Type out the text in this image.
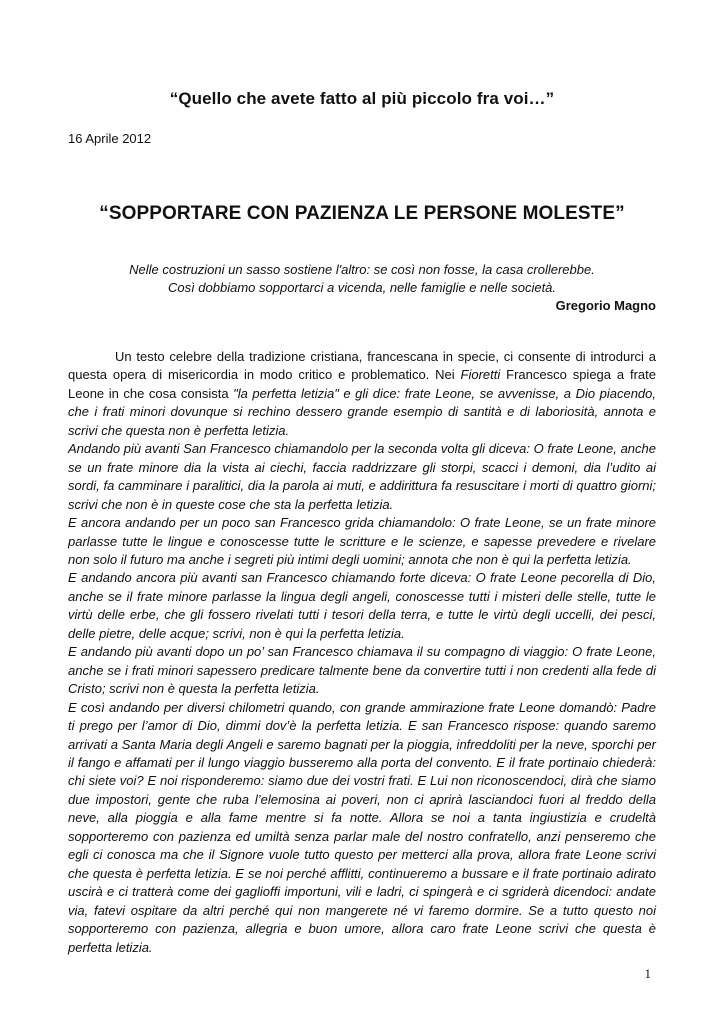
“Quello che avete fatto al più piccolo fra voi…”
16 Aprile 2012
“SOPPORTARE CON PAZIENZA LE PERSONE MOLESTE”
Nelle costruzioni un sasso sostiene l'altro: se così non fosse, la casa crollerebbe.
Così dobbiamo sopportarci a vicenda, nelle famiglie e nelle società.
Gregorio Magno

Un testo celebre della tradizione cristiana, francescana in specie, ci consente di introdurci a questa opera di misericordia in modo critico e problematico. Nei Fioretti Francesco spiega a frate Leone in che cosa consista "la perfetta letizia" e gli dice: frate Leone, se avvenisse, a Dio piacendo, che i frati minori dovunque si rechino dessero grande esempio di santità e di laboriosità, annota e scrivi che questa non è perfetta letizia.

Andando più avanti San Francesco chiamandolo per la seconda volta gli diceva: O frate Leone, anche se un frate minore dia la vista ai ciechi, faccia raddrizzare gli storpi, scacci i demoni, dia l’udito ai sordi, fa camminare i paralitici, dia la parola ai muti, e addirittura fa resuscitare i morti di quattro giorni; scrivi che non è in queste cose che sta la perfetta letizia.

E ancora andando per un poco san Francesco grida chiamandolo: O frate Leone, se un frate minore parlasse tutte le lingue e conoscesse tutte le scritture e le scienze, e sapesse prevedere e rivelare non solo il futuro ma anche i segreti più intimi degli uomini; annota che non è qui la perfetta letizia.

E andando ancora più avanti san Francesco chiamando forte diceva: O frate Leone pecorella di Dio, anche se il frate minore parlasse la lingua degli angeli, conoscesse tutti i misteri delle stelle, tutte le virtù delle erbe, che gli fossero rivelati tutti i tesori della terra, e tutte le virtù degli uccelli, dei pesci, delle pietre, delle acque; scrivi, non è qui la perfetta letizia.

E andando più avanti dopo un po’ san Francesco chiamava il su compagno di viaggio: O frate Leone, anche se i frati minori sapessero predicare talmente bene da convertire tutti i non credenti alla fede di Cristo; scrivi non è questa la perfetta letizia.

E così andando per diversi chilometri quando, con grande ammirazione frate Leone domandò: Padre ti prego per l’amor di Dio, dimmi dov’è la perfetta letizia. E san Francesco rispose: quando saremo arrivati a Santa Maria degli Angeli e saremo bagnati per la pioggia, infreddoliti per la neve, sporchi per il fango e affamati per il lungo viaggio busseremo alla porta del convento. E il frate portinaio chiederà: chi siete voi? E noi risponderemo: siamo due dei vostri frati. E Lui non riconoscendoci, dirà che siamo due impostori, gente che ruba l’elemosina ai poveri, non ci aprirà lasciandoci fuori al freddo della neve, alla pioggia e alla fame mentre si fa notte. Allora se noi a tanta ingiustizia e crudeltà sopporteremo con pazienza ed umiltà senza parlar male del nostro confratello, anzi penseremo che egli ci conosca ma che il Signore vuole tutto questo per metterci alla prova, allora frate Leone scrivi che questa è perfetta letizia. E se noi perché afflitti, continueremo a bussare e il frate portinaio adirato uscirà e ci tratterà come dei gaglioffi importuni, vili e ladri, ci spingerà e ci sgriderà dicendoci: andate via, fatevi ospitare da altri perché qui non mangerete né vi faremo dormire. Se a tutto questo noi sopporteremo con pazienza, allegria e buon umore, allora caro frate Leone scrivi che questa è perfetta letizia.

1
